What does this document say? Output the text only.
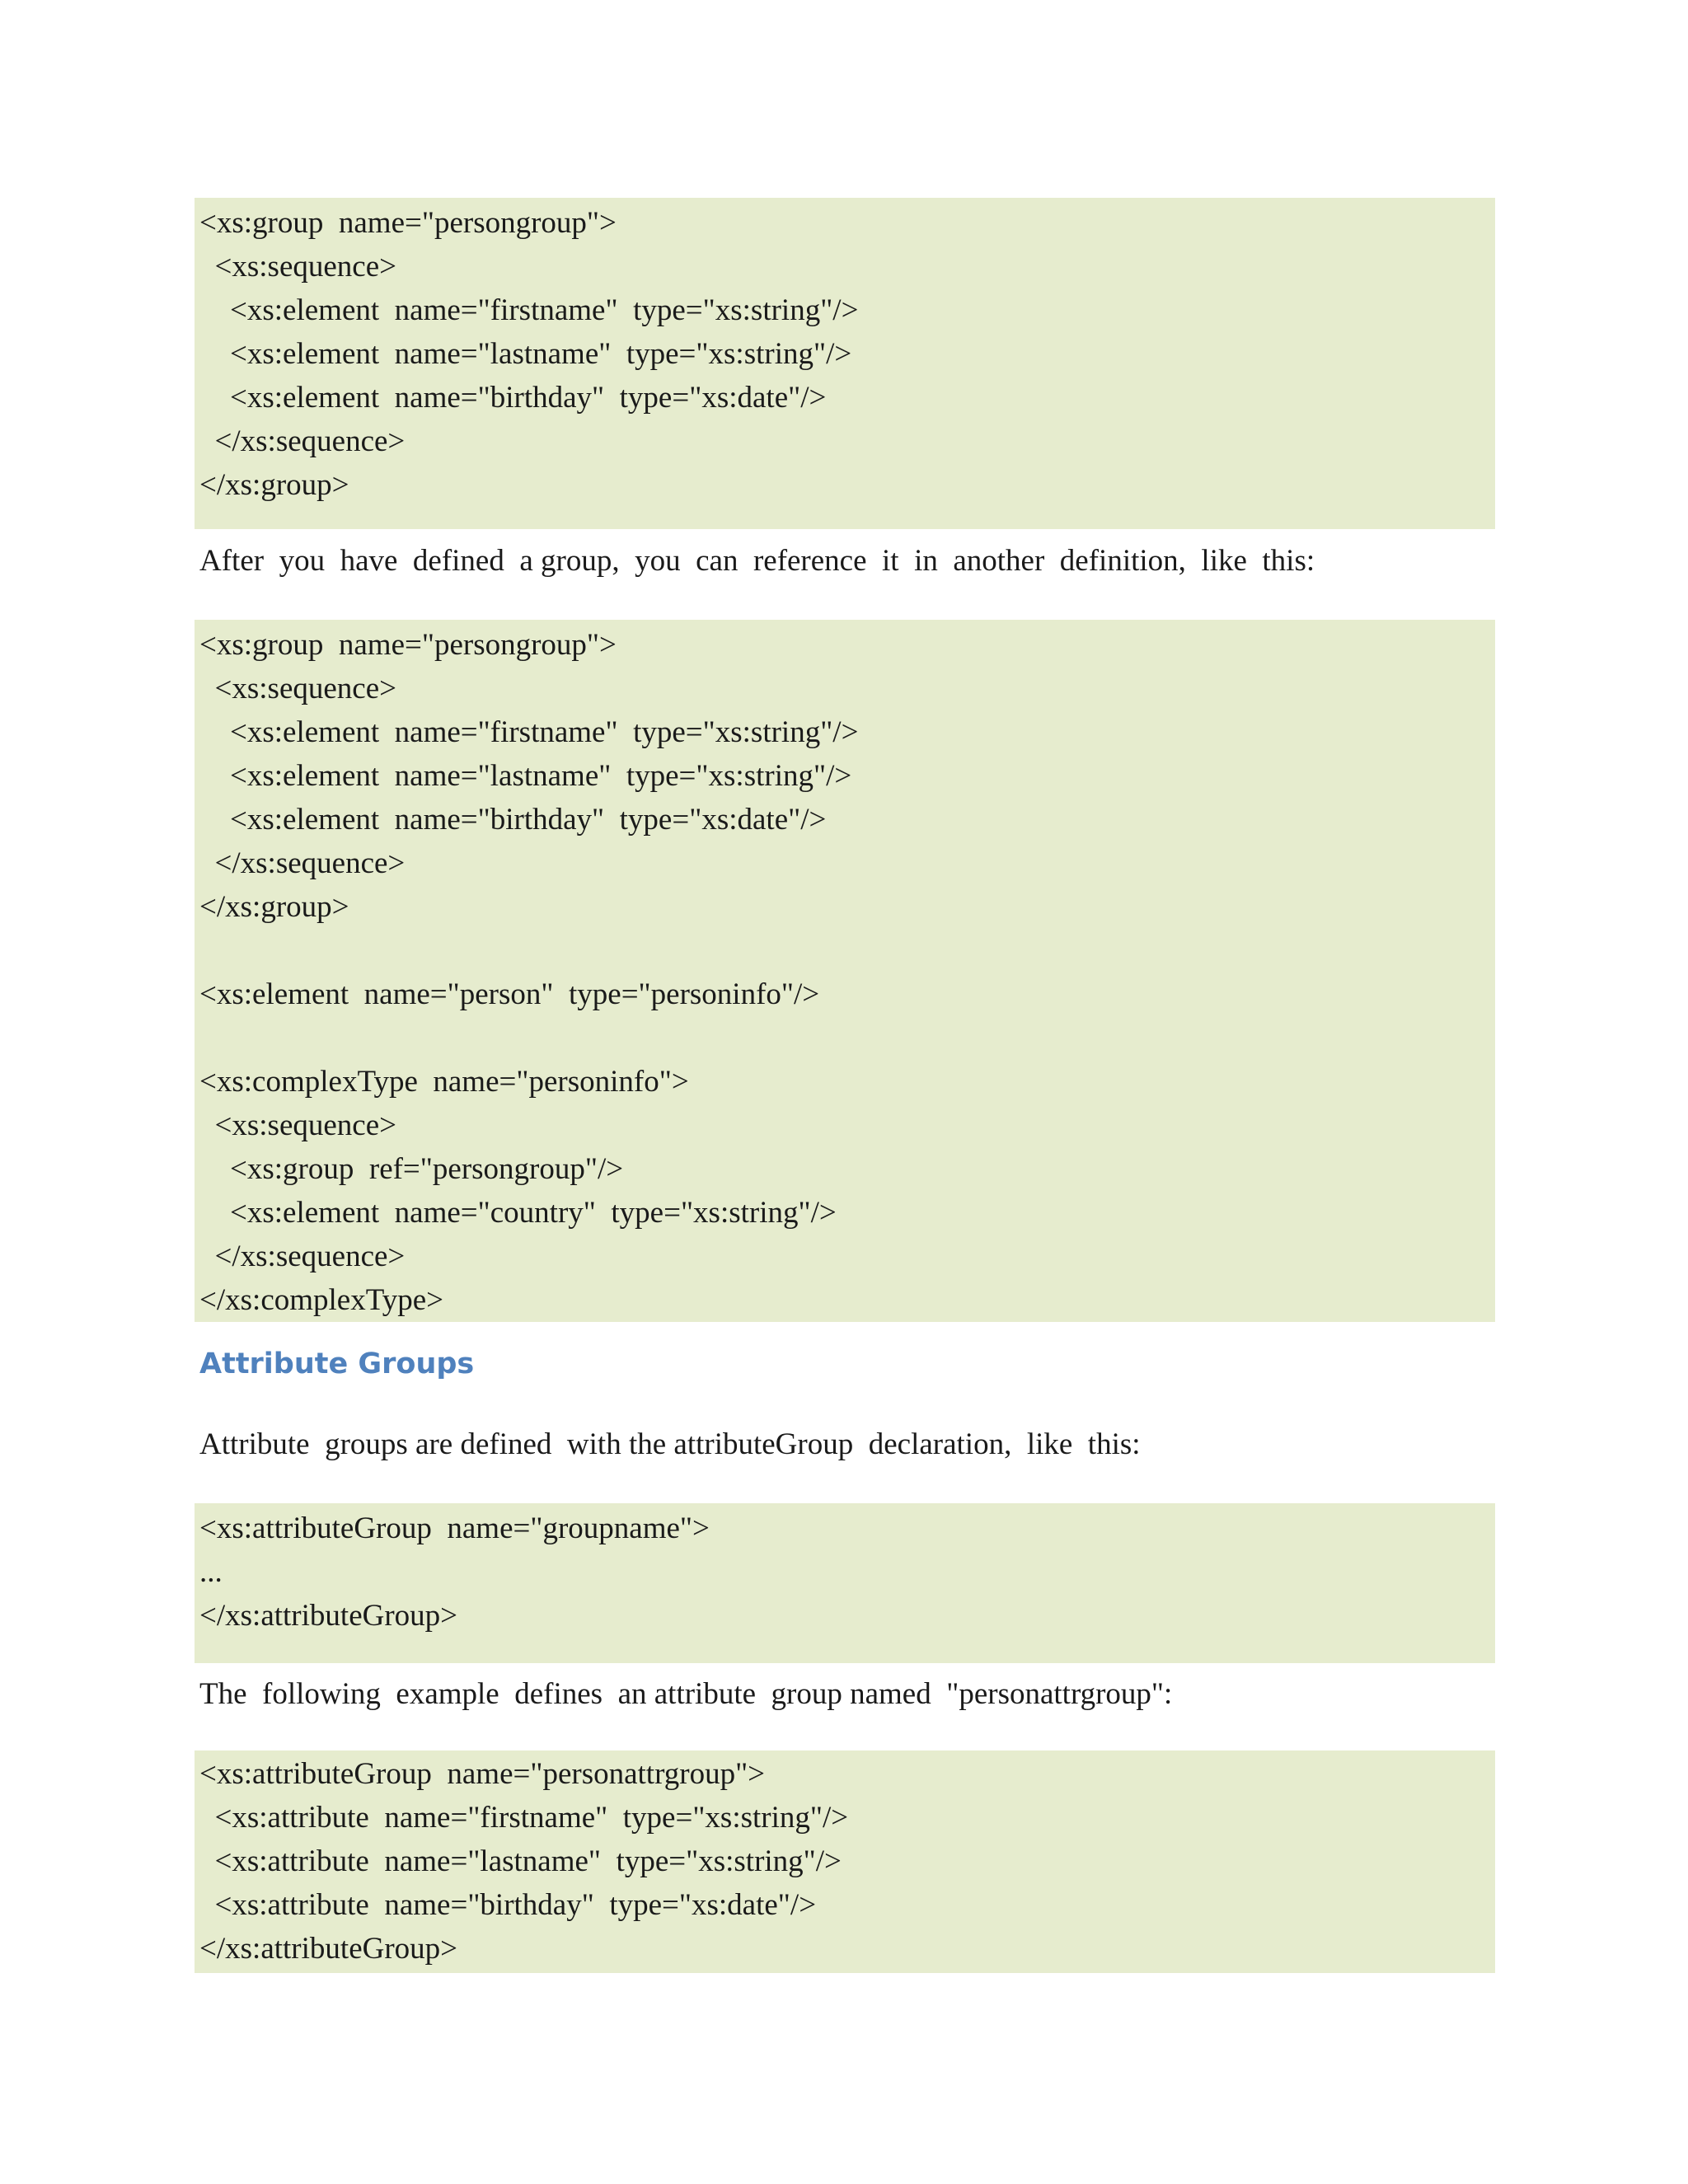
<xs:group  name="persongroup">
<xs:sequence>
<xs:element  name="firstname"  type="xs:string"/>
<xs:element  name="lastname"  type="xs:string"/>
<xs:element  name="birthday"  type="xs:date"/>
</xs:sequence>
</xs:group>
After  you  have  defined  a group,  you  can  reference  it  in  another  definition,  like  this:
<xs:group  name="persongroup">
<xs:sequence>
<xs:element  name="firstname"  type="xs:string"/>
<xs:element  name="lastname"  type="xs:string"/>
<xs:element  name="birthday"  type="xs:date"/>
</xs:sequence>
</xs:group>
<xs:element  name="person"  type="personinfo"/>
<xs:complexType  name="personinfo">
<xs:sequence>
<xs:group  ref="persongroup"/>
<xs:element  name="country"  type="xs:string"/>
</xs:sequence>
</xs:complexType>
Attribute Groups
Attribute  groups are defined  with the attributeGroup  declaration,  like  this:
<xs:attributeGroup  name="groupname">
...
</xs:attributeGroup>
The  following  example  defines  an attribute  group named  "personattrgroup":
<xs:attributeGroup  name="personattrgroup">
<xs:attribute  name="firstname"  type="xs:string"/>
<xs:attribute  name="lastname"  type="xs:string"/>
<xs:attribute  name="birthday"  type="xs:date"/>
</xs:attributeGroup>
